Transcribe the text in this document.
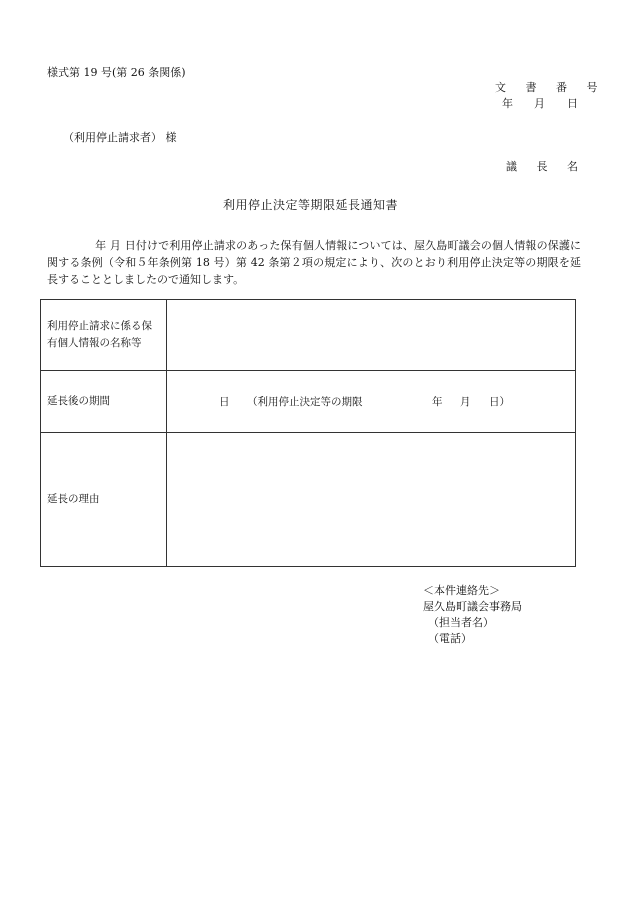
様式第 19 号(第 26 条関係)
文 書 番 号
年 月 日
（利用停止請求者） 様
議 長 名
利用停止決定等期限延長通知書
年 月 日付けで利用停止請求のあった保有個人情報については、屋久島町議会の個人情報の保護に関する条例（令和５年条例第 18 号）第 42 条第２項の規定により、次のとおり利用停止決定等の期限を延長することとしましたので通知します。
利用停止請求に係る保有個人情報の名称等	
延長後の期間	日 （利用停止決定等の期限 年 月 日）

延長の理由	
＜本件連絡先＞
屋久島町議会事務局
（担当者名）
（電話）
